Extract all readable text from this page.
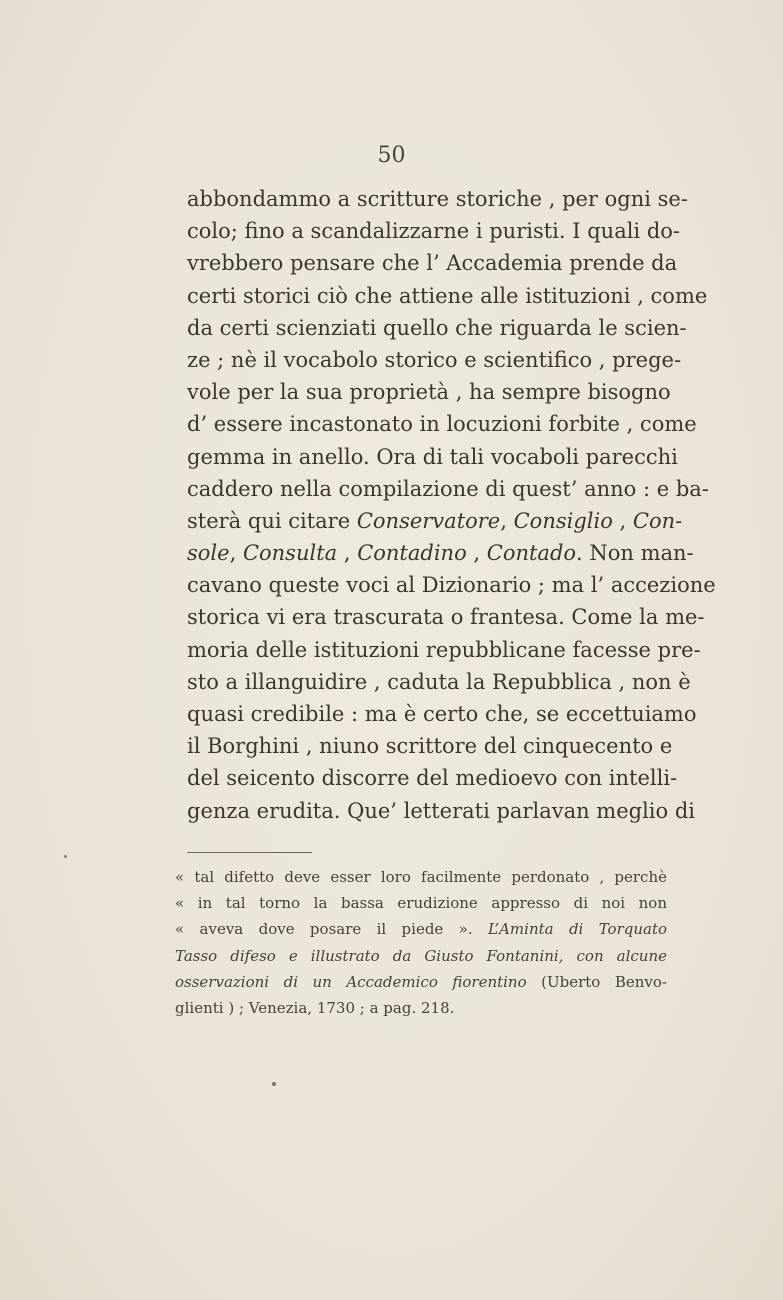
50
abbondammo a scritture storiche , per ogni se-
colo; fino a scandalizzarne i puristi. I quali do-
vrebbero pensare che l’ Accademia prende da
certi storici ciò che attiene alle istituzioni , come
da certi scienziati quello che riguarda le scien-
ze ; nè il vocabolo storico e scientifico , prege-
vole per la sua proprietà , ha sempre bisogno
d’ essere incastonato in locuzioni forbite , come
gemma in anello. Ora di tali vocaboli parecchi
caddero nella compilazione di quest’ anno : e ba-
sterà qui citare Conservatore, Consiglio , Con-
sole, Consulta , Contadino , Contado. Non man-
cavano queste voci al Dizionario ; ma l’ accezione
storica vi era trascurata o frantesa. Come la me-
moria delle istituzioni repubblicane facesse pre-
sto a illanguidire , caduta la Repubblica , non è
quasi credibile : ma è certo che, se eccettuiamo
il Borghini , niuno scrittore del cinquecento e
del seicento discorre del medioevo con intelli-
genza erudita. Que’ letterati parlavan meglio di
« tal difetto deve esser loro facilmente perdonato , perchè
« in tal torno la bassa erudizione appresso di noi non
« aveva dove posare il piede ». L’Aminta di Torquato
Tasso difeso e illustrato da Giusto Fontanini, con alcune
osservazioni di un Accademico fiorentino (Uberto Benvo-
glienti ) ; Venezia, 1730 ; a pag. 218.
